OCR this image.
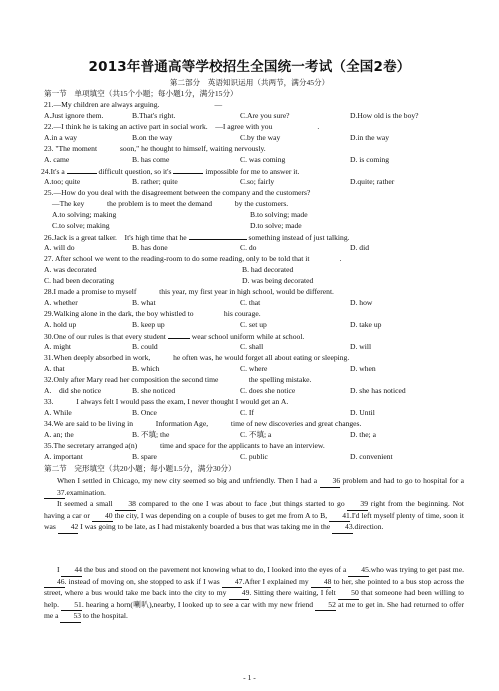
2013年普通高等学校招生全国统一考试（全国2卷）
第二部分　英语知识运用（共两节，满分45分）
第一节　单项填空（共15个小题；每小题1分，满分15分）
21.—My children are always arguing.	—
A.Just ignore them.	B.That's right.	C.Are you sure?	D.How old is the boy?
22.—I think he is taking an active part in social work.　—I agree with you	.
A.in a way	B.on the way	C.by the way	D.in the way
23. "The moment　　　soon," he thought to himself, waiting nervously.
A. came	B. has come	C. was coming	D. is coming
24.It's a	difficult question, so it's	impossible for me to answer it.
A.too; quite	B. rather; quite	C.so; fairly	D.quite; rather
25.—How do you deal with the disagreement between the company and the customers?
—The key　　　the problem is to meet the demand　　　by the customers.
A.to solving; making	B.to solving; made
C.to solve; making	D.to solve; made
26.Jack is a great talker.　It's high time that he	something instead of just talking.
A. will do	B. has done	C. do	D. did
27. After school we went to the reading-room to do some reading, only to be told that it	.
A. was decorated	B. had decorated
C. had been decorating	D. was being decorated
28.I made a promise to myself　　　this year, my first year in high school, would be different.
A. whether	B. what	C. that	D. how
29.Walking alone in the dark, the boy whistled to　　　　his courage.
A. hold up	B. keep up	C. set up	D. take up
30.One of our rules is that every student	wear school uniform while at school.
A. might	B. could	C. shall	D. will
31.When deeply absorbed in work,　　　he often was, he would forget all about eating or sleeping.
A. that	B. which	C. where	D. when
32.Only after Mary read her composition the second time　　　　the spelling mistake.
A.　did she notice	B. she noticed	C. does she notice	D. she has noticed
33.　　　I always felt I would pass the exam, I never thought I would get an A.
A. While	B. Once	C. If	D. Until
34.We are said to be living in　　　Information Age,　　　time of new discoveries and great changes.
A. an; the	B. 不填; the	C. 不填; a	D. the; a
35.The secretary arranged a(n)　　　time and space for the applicants to have an interview.
A. important	B. spare	C. public	D. convenient
第二节　完形填空（共20小题；每小题1.5分，满分30分）
When I settled in Chicago, my new city seemed so big and unfriendly. Then I had a 36 problem and had to go to hospital for a 37.examination.
It seemed a small 38 compared to the one I was about to face ,but things started to go 39 right from the beginning. Not having a car or 40 the city, I was depending on a couple of buses to get me from A to B, 41.I'd left myself plenty of time, soon it was 42 I was going to be late, as I had mistakenly boarded a bus that was taking me in the 43.direction.
I 44 the bus and stood on the pavement not knowing what to do, I looked into the eyes of a 45.who was trying to get past me. 46. instead of moving on, she stopped to ask if I was 47.After I explained my 48 to her, she pointed to a bus stop across the street, where a bus would take me back into the city to my 49. Sitting there waiting, I felt 50 that someone had been willing to help. 51. hearing a horn(喇叭),nearby, I looked up to see a car with my new friend 52 at me to get in. She had returned to offer me a 53 to the hospital.
- 1 -
